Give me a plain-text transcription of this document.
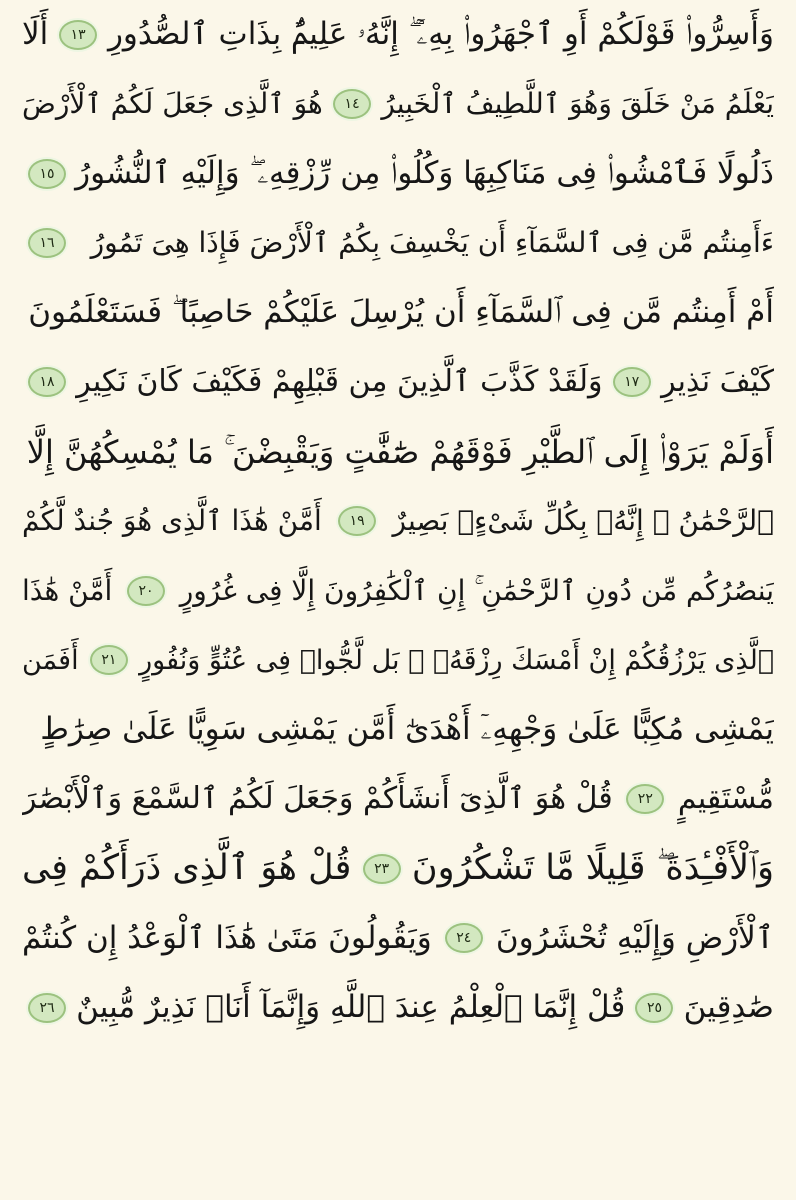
وَأَسِرُّوا۟ قَوْلَكُمْ أَوِ ٱجْهَرُوا۟ بِهِۦٓ ۖ إِنَّهُۥ عَلِيمٌۢ بِذَاتِ ٱلصُّدُورِ
١٣
أَلَا
يَعْلَمُ مَنْ خَلَقَ وَهُوَ ٱللَّطِيفُ ٱلْخَبِيرُ
١٤
هُوَ ٱلَّذِى جَعَلَ لَكُمُ ٱلْأَرْضَ
ذَلُولًا فَٱمْشُوا۟ فِى مَنَاكِبِهَا وَكُلُوا۟ مِن رِّزْقِهِۦ ۖ وَإِلَيْهِ ٱلنُّشُورُ
١٥
ءَأَمِنتُم مَّن فِى ٱلسَّمَآءِ أَن يَخْسِفَ بِكُمُ ٱلْأَرْضَ فَإِذَا هِىَ تَمُورُ
١٦
أَمْ أَمِنتُم مَّن فِى ٱلسَّمَآءِ أَن يُرْسِلَ عَلَيْكُمْ حَاصِبًا ۖ فَسَتَعْلَمُونَ
كَيْفَ نَذِيرِ
١٧
وَلَقَدْ كَذَّبَ ٱلَّذِينَ مِن قَبْلِهِمْ فَكَيْفَ كَانَ نَكِيرِ
١٨
أَوَلَمْ يَرَوْا۟ إِلَى ٱلطَّيْرِ فَوْقَهُمْ صَٰٓفَّٰتٍ وَيَقْبِضْنَ ۚ مَا يُمْسِكُهُنَّ إِلَّا
ٱلرَّحْمَٰنُ ۚ إِنَّهُۥ بِكُلِّ شَىْءٍۭ بَصِيرٌ
١٩
أَمَّنْ هَٰذَا ٱلَّذِى هُوَ جُندٌ لَّكُمْ
يَنصُرُكُم مِّن دُونِ ٱلرَّحْمَٰنِ ۚ إِنِ ٱلْكَٰفِرُونَ إِلَّا فِى غُرُورٍ
٢٠
أَمَّنْ هَٰذَا
ٱلَّذِى يَرْزُقُكُمْ إِنْ أَمْسَكَ رِزْقَهُۥ ۚ بَل لَّجُّوا۟ فِى عُتُوٍّ وَنُفُورٍ
٢١
أَفَمَن
يَمْشِى مُكِبًّا عَلَىٰ وَجْهِهِۦٓ أَهْدَىٰٓ أَمَّن يَمْشِى سَوِيًّا عَلَىٰ صِرَٰطٍ
مُّسْتَقِيمٍ
٢٢
قُلْ هُوَ ٱلَّذِىٓ أَنشَأَكُمْ وَجَعَلَ لَكُمُ ٱلسَّمْعَ وَٱلْأَبْصَٰرَ
وَٱلْأَفْـِٔدَةَ ۖ قَلِيلًا مَّا تَشْكُرُونَ
٢٣
قُلْ هُوَ ٱلَّذِى ذَرَأَكُمْ فِى
ٱلْأَرْضِ وَإِلَيْهِ تُحْشَرُونَ
٢٤
وَيَقُولُونَ مَتَىٰ هَٰذَا ٱلْوَعْدُ إِن كُنتُمْ
صَٰدِقِينَ
٢٥
قُلْ إِنَّمَا ٱلْعِلْمُ عِندَ ٱللَّهِ وَإِنَّمَآ أَنَا۠ نَذِيرٌ مُّبِينٌ
٢٦
